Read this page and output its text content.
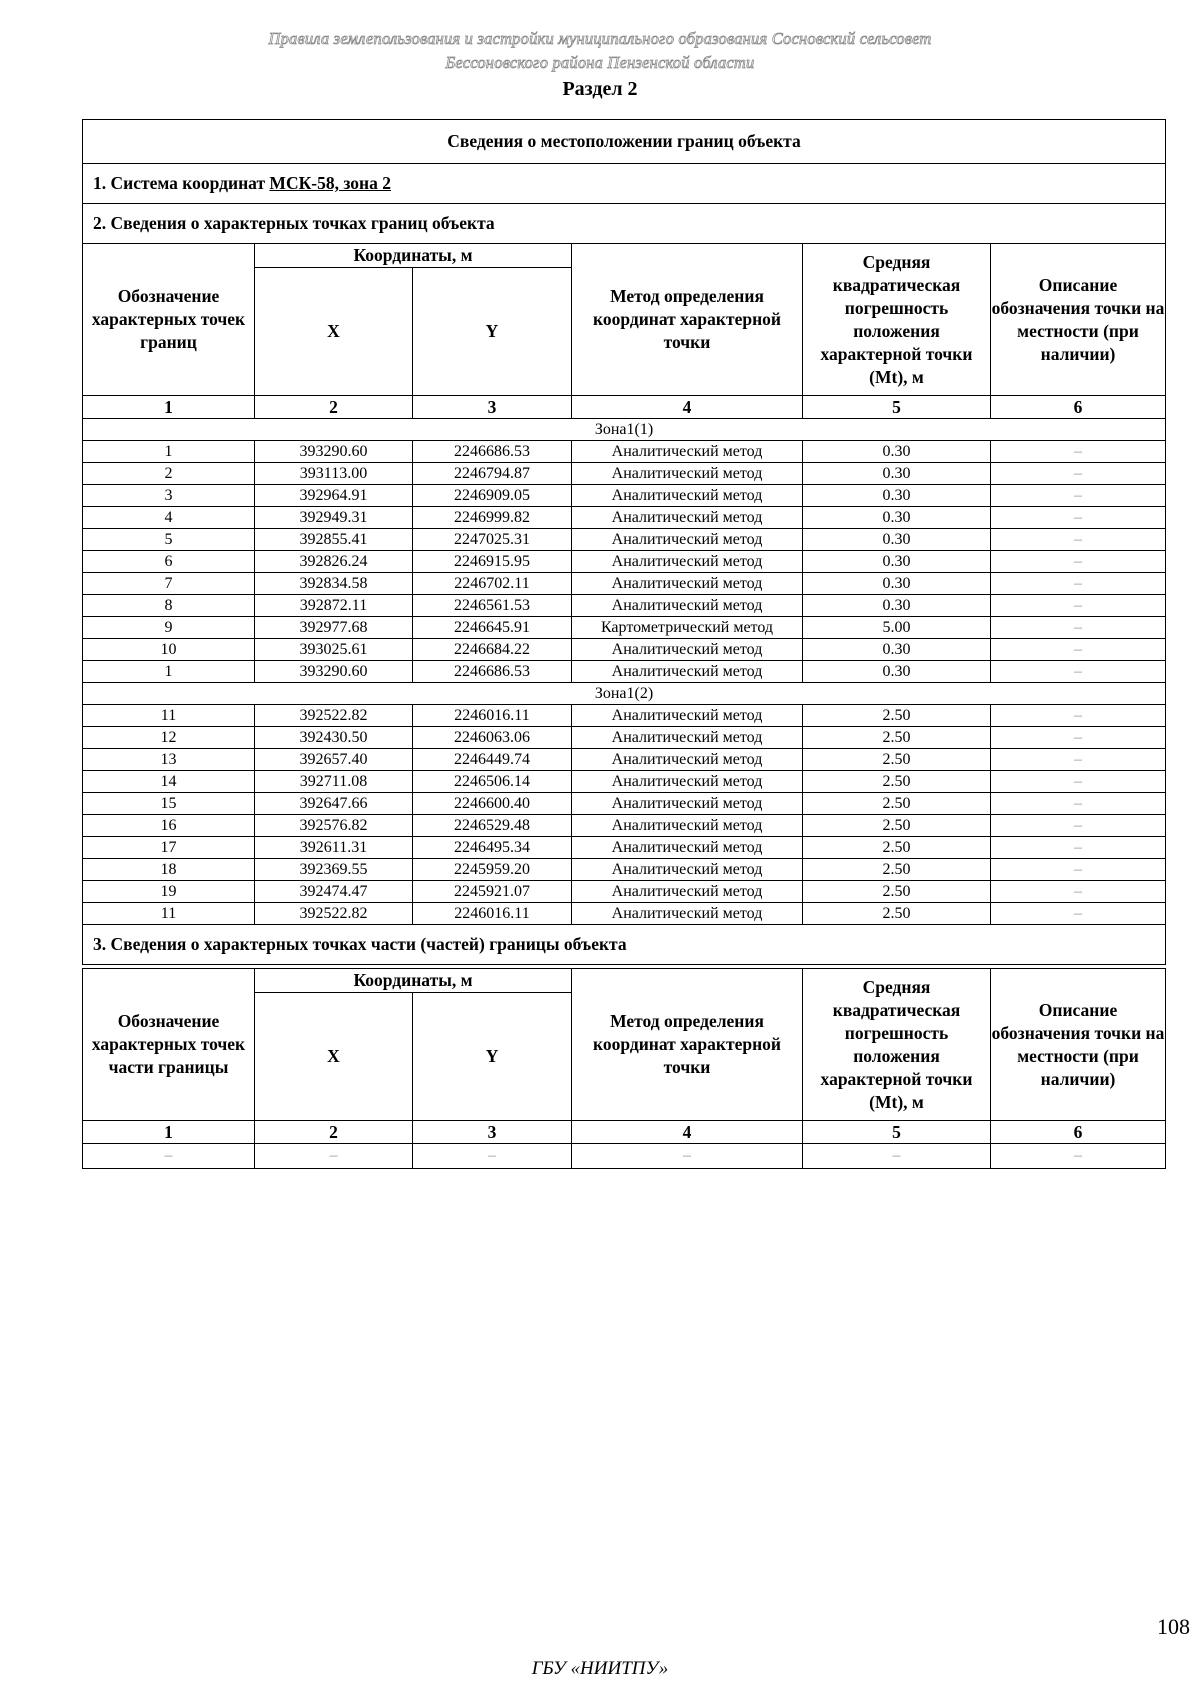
Правила землепользования и застройки муниципального образования Сосновский сельсовет
Бессоновского района Пензенской области
Раздел 2
Сведения о местоположении границ объекта					
1. Система координат МСК-58, зона 2					
2. Сведения о характерных точках границ объекта					
Обозначение характерных точек границ	Координаты, м		Метод определения координат характерной точки	Средняя квадратическая погрешность положения характерной точки (Mt), м	Описание обозначения точки на местности (при наличии)
	X	Y			
1	2	3	4	5	6
Зона1(1)					
1	393290.60	2246686.53	Аналитический метод	0.30	–
2	393113.00	2246794.87	Аналитический метод	0.30	–
3	392964.91	2246909.05	Аналитический метод	0.30	–
4	392949.31	2246999.82	Аналитический метод	0.30	–
5	392855.41	2247025.31	Аналитический метод	0.30	–
6	392826.24	2246915.95	Аналитический метод	0.30	–
7	392834.58	2246702.11	Аналитический метод	0.30	–
8	392872.11	2246561.53	Аналитический метод	0.30	–
9	392977.68	2246645.91	Картометрический метод	5.00	–
10	393025.61	2246684.22	Аналитический метод	0.30	–
1	393290.60	2246686.53	Аналитический метод	0.30	–
Зона1(2)					
11	392522.82	2246016.11	Аналитический метод	2.50	–
12	392430.50	2246063.06	Аналитический метод	2.50	–
13	392657.40	2246449.74	Аналитический метод	2.50	–
14	392711.08	2246506.14	Аналитический метод	2.50	–
15	392647.66	2246600.40	Аналитический метод	2.50	–
16	392576.82	2246529.48	Аналитический метод	2.50	–
17	392611.31	2246495.34	Аналитический метод	2.50	–
18	392369.55	2245959.20	Аналитический метод	2.50	–
19	392474.47	2245921.07	Аналитический метод	2.50	–
11	392522.82	2246016.11	Аналитический метод	2.50	–
3. Сведения о характерных точках части (частей) границы объекта					
Обозначение характерных точек части границы	Координаты, м		Метод определения координат характерной точки	Средняя квадратическая погрешность положения характерной точки (Mt), м	Описание обозначения точки на местности (при наличии)
	X	Y			
1	2	3	4	5	6
–	–	–	–	–	–
108
ГБУ «НИИТПУ»
